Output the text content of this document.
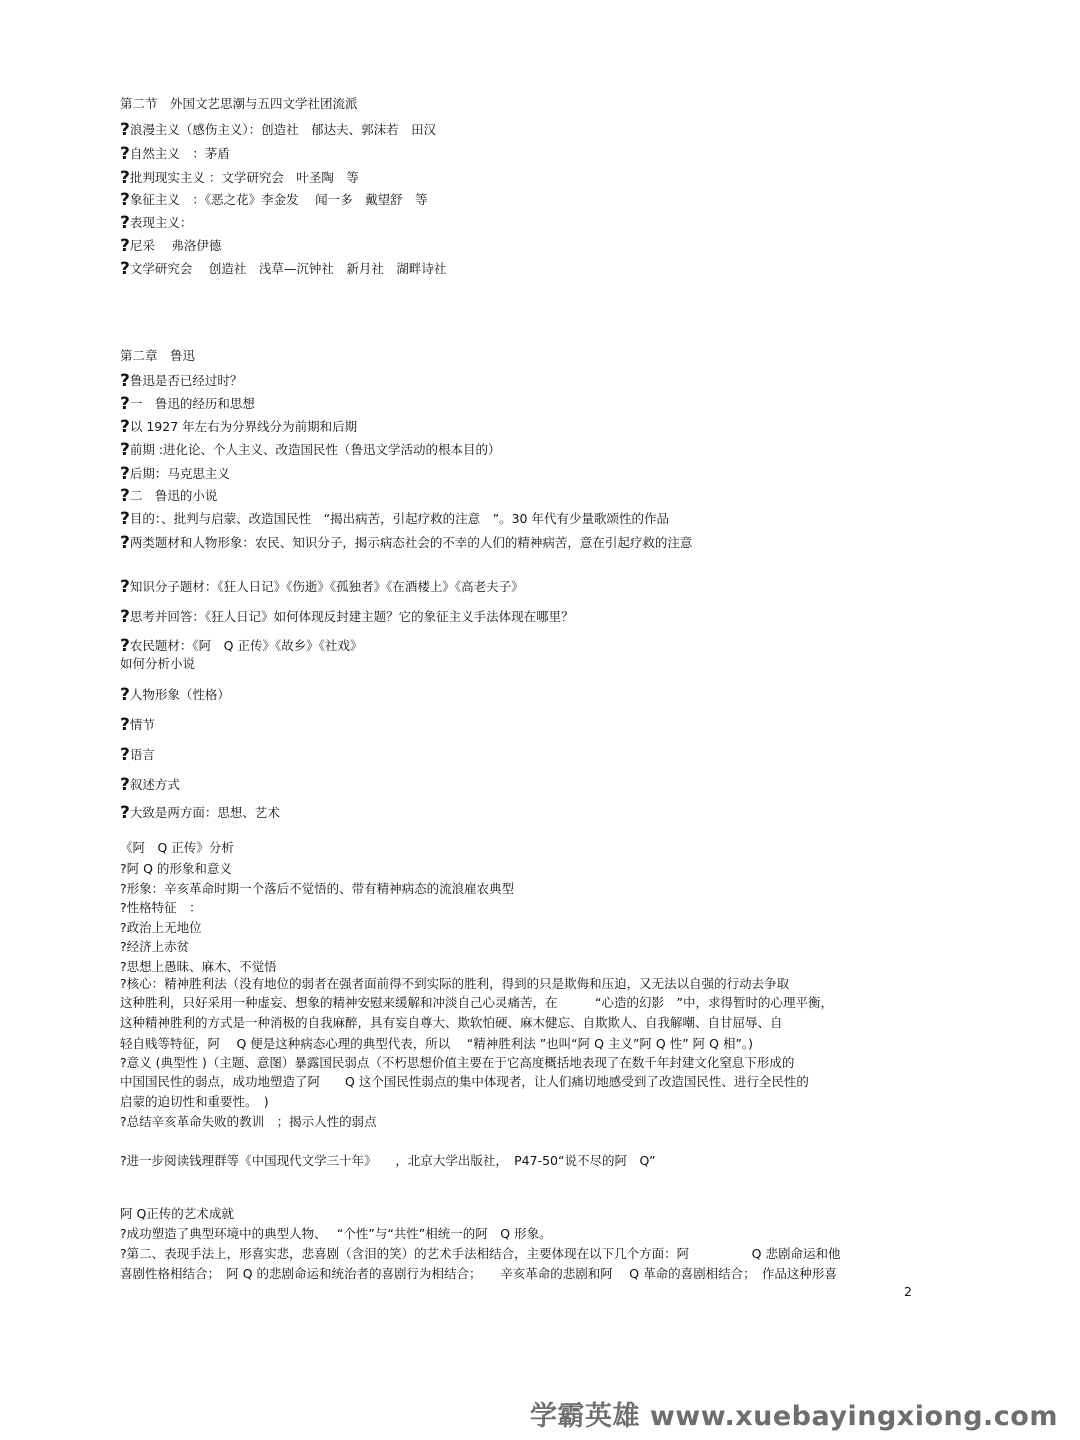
第二节　外国文艺思潮与五四文学社团流派
?浪漫主义（感伤主义）：创造社　郁达夫、郭沫若　田汉
?自然主义　：茅盾
?批判现实主义 ：文学研究会　叶圣陶　等
?象征主义　：《恶之花》李金发　 闻一多　戴望舒　等
?表现主义：
?尼采　 弗洛伊德
?文学研究会　 创造社　浅草—沉钟社　新月社　湖畔诗社
第二章　鲁迅
?鲁迅是否已经过时？
?一　鲁迅的经历和思想
?以 1927 年左右为分界线分为前期和后期
?前期 :进化论、个人主义、改造国民性（鲁迅文学活动的根本目的）
?后期：马克思主义
?二　鲁迅的小说
?目的：、批判与启蒙、改造国民性　“揭出病苦，引起疗救的注意　”。30 年代有少量歌颂性的作品
?两类题材和人物形象：农民、知识分子，揭示病态社会的不幸的人们的精神病苦，意在引起疗救的注意
?知识分子题材：《狂人日记》《伤逝》《孤独者》《在酒楼上》《高老夫子》
?思考并回答：《狂人日记》如何体现反封建主题？它的象征主义手法体现在哪里？
?农民题材：《阿　Q 正传》《故乡》《社戏》
如何分析小说
?人物形象（性格）
?情节
?语言
?叙述方式
?大致是两方面：思想、艺术
《阿　Q 正传》分析
?阿 Q 的形象和意义
?形象：辛亥革命时期一个落后不觉悟的、带有精神病态的流浪雇农典型
?性格特征　：
?政治上无地位
?经济上赤贫
?思想上愚昧、麻木、不觉悟
?核心：精神胜利法（没有地位的弱者在强者面前得不到实际的胜利，得到的只是欺侮和压迫，又无法以自强的行动去争取
这种胜利，只好采用一种虚妄、想象的精神安慰来缓解和冲淡自己心灵痛苦，在　　　“心造的幻影　”中，求得暂时的心理平衡，
这种精神胜利的方式是一种消极的自我麻醉，具有妄自尊大、欺软怕硬、麻木健忘、自欺欺人、自我解嘲、自甘屈辱、自
轻自贱等特征，阿　 Q 便是这种病态心理的典型代表，所以　 “精神胜利法 ”也叫“阿 Q 主义”阿 Q 性” 阿 Q 相”。)
?意义 (典型性 )（主题、意图）暴露国民弱点（不朽思想价值主要在于它高度概括地表现了在数千年封建文化窒息下形成的
中国国民性的弱点，成功地塑造了阿　　Q 这个国民性弱点的集中体现者，让人们痛切地感受到了改造国民性、进行全民性的
启蒙的迫切性和重要性。　)
?总结辛亥革命失败的教训　；揭示人性的弱点
?进一步阅读钱理群等《中国现代文学三十年》　　，北京大学出版社，　P47-50“说不尽的阿　Q”
阿 Q正传的艺术成就
?成功塑造了典型环境中的典型人物、　 “个性”与“共性”相统一的阿　Q 形象。
?第二、表现手法上，形喜实悲，悲喜剧（含泪的笑）的艺术手法相结合，主要体现在以下几个方面：阿　　　　　Q 悲剧命运和他
喜剧性格相结合；　阿 Q 的悲剧命运和统治者的喜剧行为相结合；　　辛亥革命的悲剧和阿　 Q 革命的喜剧相结合；　作品这种形喜
2
学霸英雄 www.xuebayingxiong.com
